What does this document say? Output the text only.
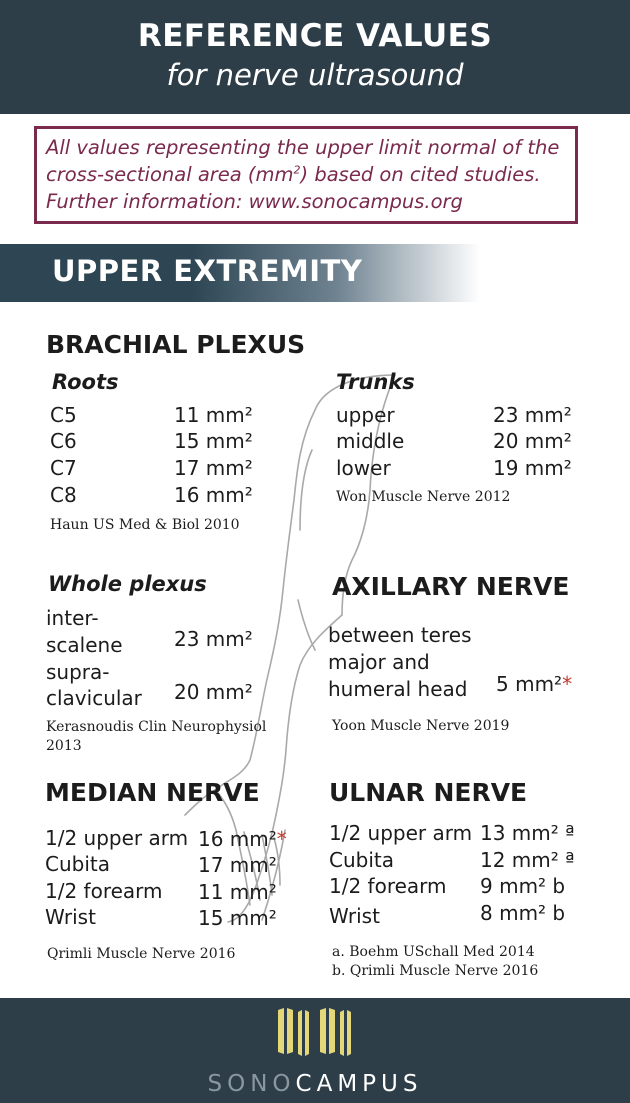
REFERENCE VALUES
for nerve ultrasound
All values representing the upper limit normal of the
cross-sectional area $(mm^2)$ based on cited studies.
Further information: www.sonocampus.org
UPPER EXTREMITY
BRACHIAL PLEXUS
Roots
C5	11 mm²
C6	15 mm²
C7	17 mm²
C8	16 mm²
Haun US Med & Biol 2010
Trunks
upper	23 mm²
middle	20 mm²
lower	19 mm²
Won Muscle Nerve 2012
Whole plexus
inter-
scalene	23 mm²
supra-
clavicular 20 mm²
Kerasnoudis Clin Neurophysiol
2013
AXILLARY NERVE
between teres
major and
humeral head 5 mm²*
Yoon Muscle Nerve 2019
MEDIAN NERVE
1/2 upper arm 16 mm²*
Cubita	17 mm²
1/2 forearm 11 mm²
Wrist	15 mm²
Qrimli Muscle Nerve 2016
ULNAR NERVE
1/2 upper arm 13 mm² ª
Cubita	12 mm² ª
1/2 forearm 9 mm² b
Wrist	8 mm² b
a. Boehm USchall Med 2014
b. Qrimli Muscle Nerve 2016
SONOCAMPUS
